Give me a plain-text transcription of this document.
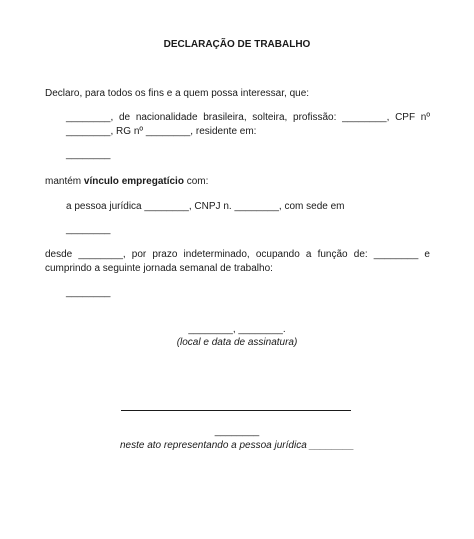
DECLARAÇÃO DE TRABALHO
Declaro, para todos os fins e a quem possa interessar, que:
________, de nacionalidade brasileira, solteira, profissão: ________, CPF nº
________, RG nº ________, residente em:
________
mantém vínculo empregatício com:
a pessoa jurídica ________, CNPJ n. ________, com sede em
________
desde ________, por prazo indeterminado, ocupando a função de: ________ e
cumprindo a seguinte jornada semanal de trabalho:
________
________, ________.
(local e data de assinatura)
________
neste ato representando a pessoa jurídica ________
